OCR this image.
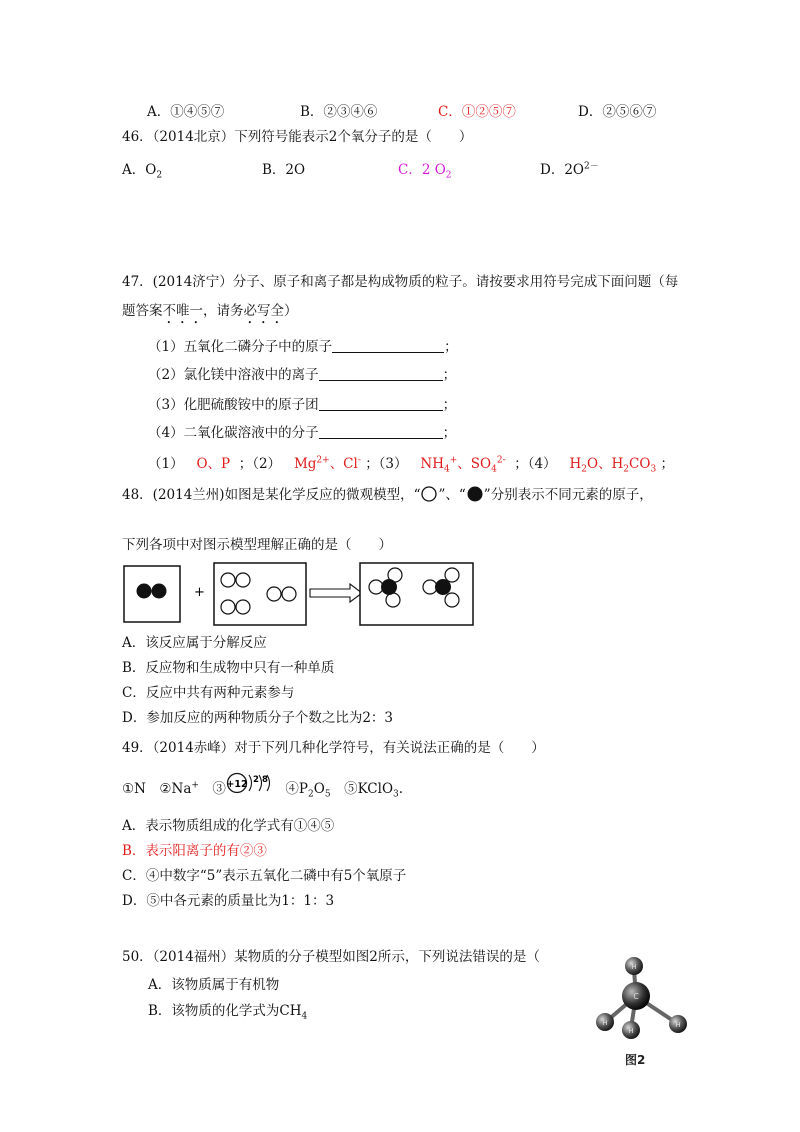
A．①④⑤⑦	B．②③④⑥	C．①②⑤⑦	D．②⑤⑥⑦
46．（2014北京）下列符号能表示2个氧分子的是（　　）
A．$O_2$	B．2O	C．2 $O_2$	D．$2O^{2-}$
47．(2014济宁）分子、原子和离子都是构成物质的粒子。请按要求用符号完成下面问题（每
题答案不唯一，请务必写全）
（1）五氧化二磷分子中的原子	；
（2）氯化镁中溶液中的离子	；
（3）化肥硫酸铵中的原子团	；
（4）二氧化碳溶液中的分子	；
（1） O、P ；（2） $Mg^{2+}$、Cl- ；（3） $NH_4^+$、$SO_4^{2-}$ ；（4） $H_2O$、$H_2CO_3$ ；
48．(2014兰州)如图是某化学反应的微观模型，“ ”、“ ”分别表示不同元素的原子，
下列各项中对图示模型理解正确的是（　　）
+
A．该反应属于分解反应
B．反应物和生成物中只有一种单质
C．反应中共有两种元素参与
D．参加反应的两种物质分子个数之比为2：3
49．（2014赤峰）对于下列几种化学符号，有关说法正确的是（　　）
①N　②Na+　③ +12 2 8
　$④P_2O_5$　⑤KClO$_3$.
A．表示物质组成的化学式有①④⑤
B．表示阳离子的有②③
C．④中数字“5”表示五氧化二磷中有5个氧原子
D．⑤中各元素的质量比为1：1：3
50．（2014福州）某物质的分子模型如图2所示，下列说法错误的是（
A．该物质属于有机物
B．该物质的化学式为$CH_4$
H
H	H
H
C
图2
